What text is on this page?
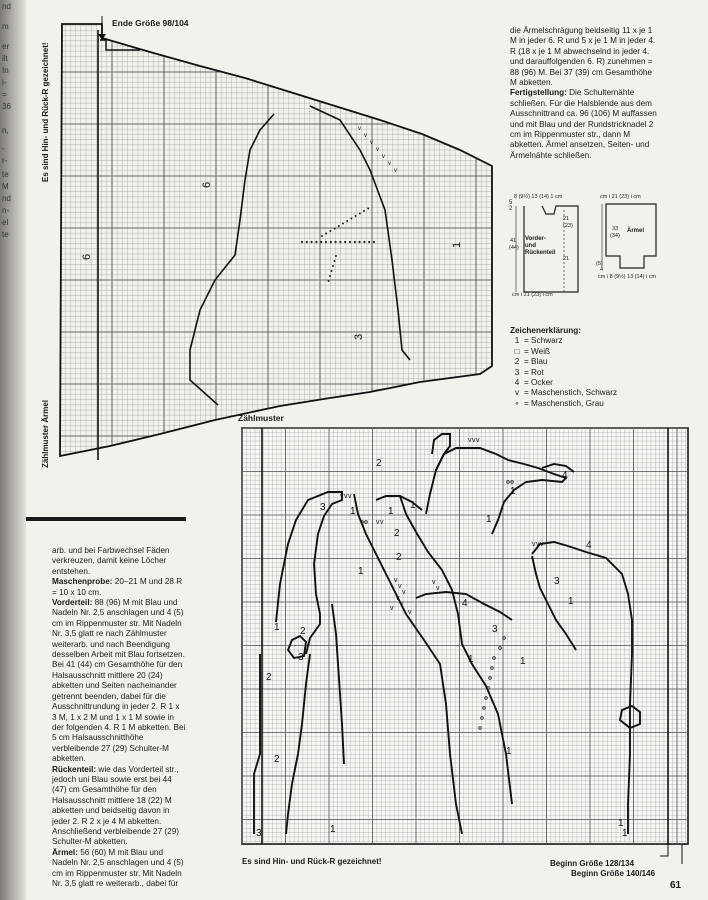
nd
m
er
ilt
In
i-
=
36
n,
-
r-
te
M
nd
n-
el
te
Ende Größe 98/104
v
v
v
v
v
v
v
6
6
1
3
Es sind Hin- und Rück-R gezeichnet!
Zählmuster Ärmel

arb. und bei Farbwechsel Fäden verkreuzen, damit keine Löcher entstehen.

Maschenprobe: 20–21 M und 28 R = 10 x 10 cm.

Vorderteil: 88 (96) M mit Blau und Nadeln Nr. 2,5 anschlagen und 4 (5) cm im Rippenmuster str. Mit Nadeln Nr. 3,5 glatt re nach Zählmuster weiterarb. und nach Beendigung desselben Arbeit mit Blau fortsetzen. Bei 41 (44) cm Gesamthöhe für den Halsausschnitt mittlere 20 (24) abketten und Seiten nacheinander getrennt beenden, dabei für die Ausschnittrundung in jeder 2. R 1 x 3 M, 1 x 2 M und 1 x 1 M sowie in der folgenden 4. R 1 M abketten. Bei 5 cm Halsausschnitthöhe verbleibende 27 (29) Schulter-M abketten.

Rückenteil: wie das Vorderteil str., jedoch uni Blau sowie erst bei 44 (47) cm Gesamthöhe für den Halsausschnitt mittlere 18 (22) M abketten und beidseitig davon in jeder 2. R 2 x je 4 M abketten. Anschließend verbleibende 27 (29) Schulter-M abketten.

Ärmel: 56 (60) M mit Blau und Nadeln Nr. 2,5 anschlagen und 4 (5) cm im Rippenmuster str. Mit Nadeln Nr. 3,5 glatt re weiterarb., dabei für

die Ärmelschrägung beidseitig 11 x je 1 M in jeder 6. R und 5 x je 1 M in jeder 4. R (18 x je 1 M abwechselnd in jeder 4. und darauffolgenden 6. R) zunehmen = 88 (96) M. Bei 37 (39) cm Gesamthöhe M abketten.

Fertigstellung: Die Schulternähte schließen. Für die Halsblende aus dem Ausschnittrand ca. 96 (106) M auffassen und mit Blau und der Rundstricknadel 2 cm im Rippenmuster str., dann M abketten. Ärmel ansetzen, Seiten- und Ärmelnähte schließen.

8 (9½) 13 (14) 1 cm
5
2
21
(23)
21
41
(44)
Vorder-
und
Rückenteil
cm i 21 (23) i cm
cm i 21 (23) i cm
33
(34)
Ärmel
(5)
4
cm i 8 (9½) 13 (14) i cm
Zeichenerklärung:
1 = Schwarz
□ = Weiß
2 = Blau
3 = Rot
4 = Ocker
v = Maschenstich, Schwarz
∘ = Maschenstich, Grau
Zählmuster
v
v
v
v
v
v
v
v
v
v v v
v v v
v v v
v v
2
4
3
3
4
3
1
2
1
1 2
2
3
2
1
1
1
1
4
1
3
1
2
1	1
1
1
1
Es sind Hin- und Rück-R gezeichnet!	Beginn Größe 128/134
Beginn Größe 140/146
61
